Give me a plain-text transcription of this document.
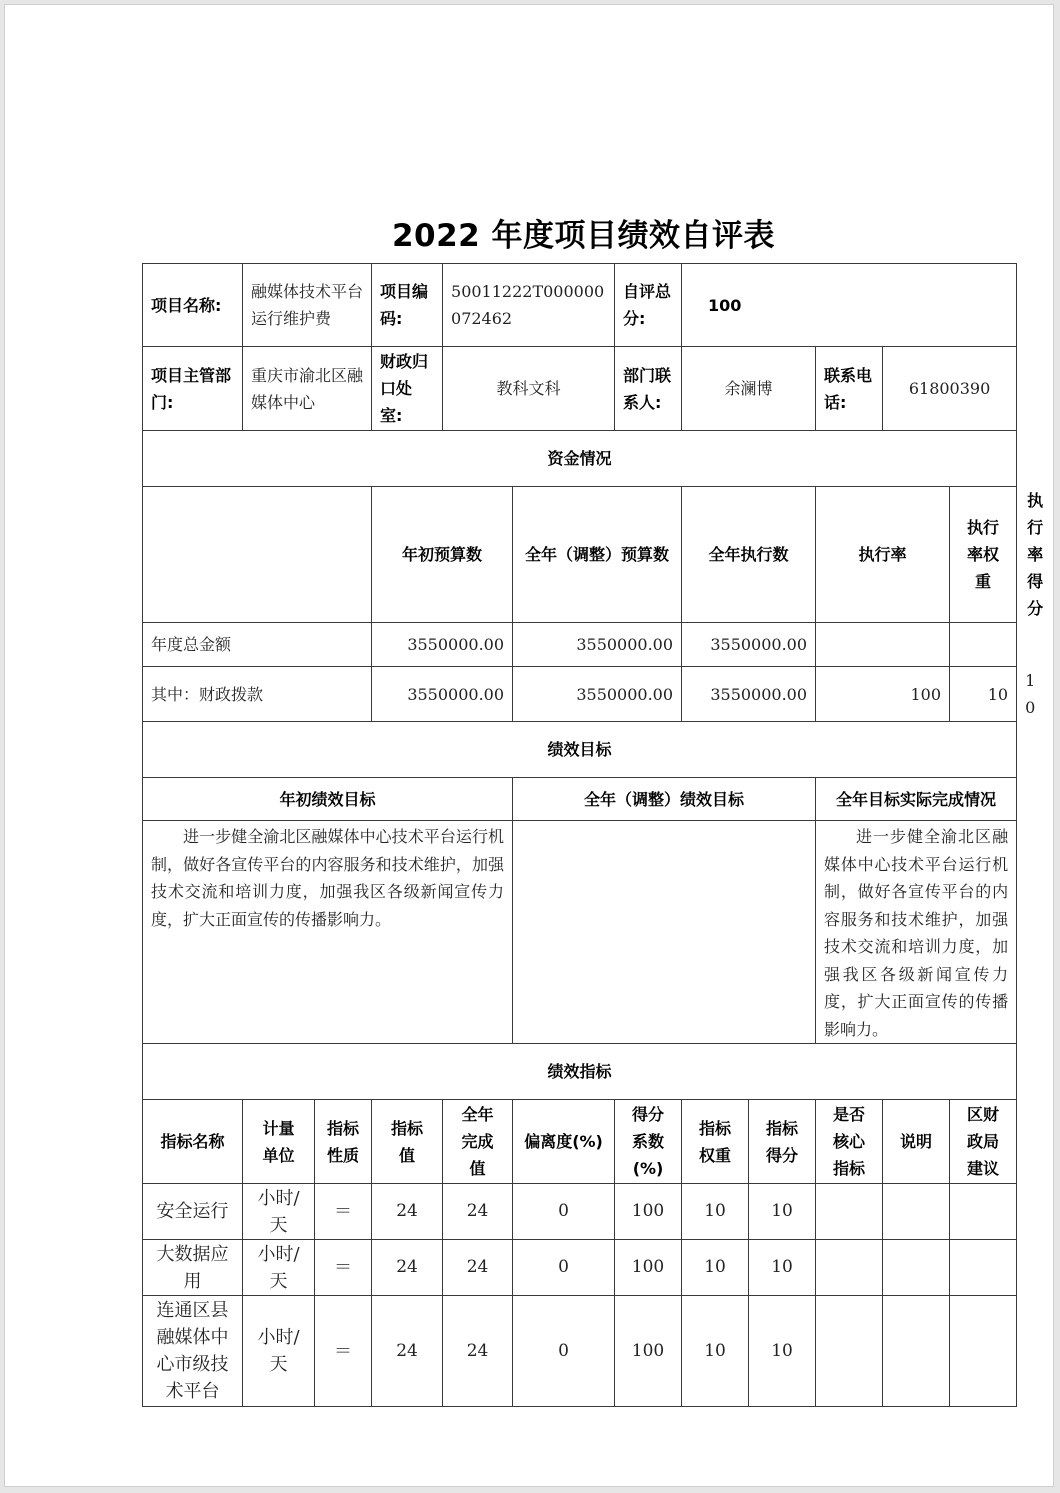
2022 年度项目绩效自评表
项目名称:	融媒体技术平台运行维护费		项目编码:	50011222T000000072462		自评总分:	100					
项目主管部门:	重庆市渝北区融媒体中心		财政归口处室:	教科文科		部门联系人:	余澜博		联系电话:	61800390		
资金情况												
			年初预算数		全年（调整）预算数		全年执行数		执行率		执行率权重	执行率得分
年度总金额			3550000.00		3550000.00		3550000.00					
其中：财政拨款			3550000.00		3550000.00		3550000.00		100		10	10
绩效目标												
年初绩效目标					全年（调整）绩效目标				全年目标实际完成情况			
进一步健全渝北区融媒体中心技术平台运行机制，做好各宣传平台的内容服务和技术维护，加强技术交流和培训力度，加强我区各级新闻宣传力度，扩大正面宣传的传播影响力。									进一步健全渝北区融媒体中心技术平台运行机制，做好各宣传平台的内容服务和技术维护，加强技术交流和培训力度，加强我区各级新闻宣传力度，扩大正面宣传的传播影响力。			
绩效指标												
指标名称	计量单位	指标性质	指标值	全年完成值	偏离度(%)	得分系数(%)	指标权重	指标得分	是否核心指标	说明	区财政局建议	
安全运行	小时/天	＝	24	24	0	100	10	10				
大数据应用	小时/天	＝	24	24	0	100	10	10				
连通区县融媒体中心市级技术平台	小时/天	＝	24	24	0	100	10	10				
